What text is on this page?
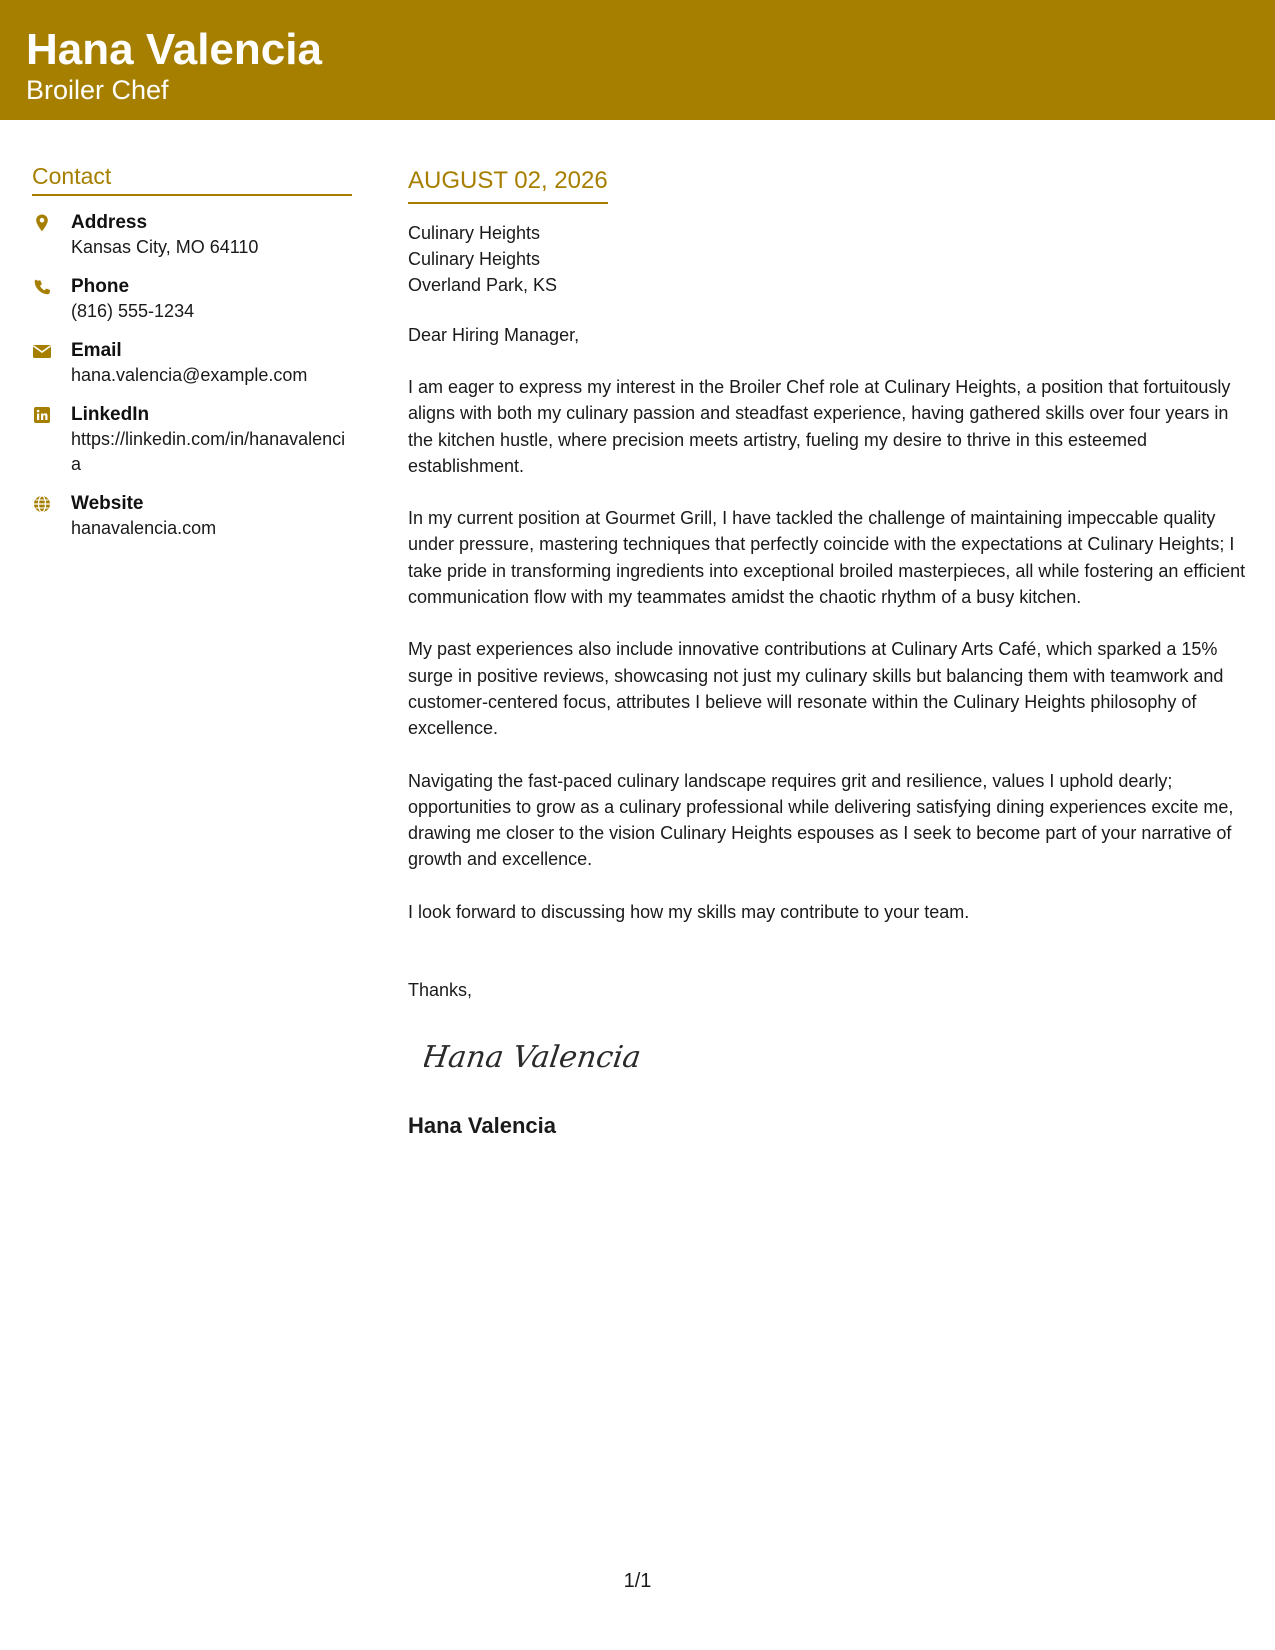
Hana Valencia
Broiler Chef
Contact
Address
Kansas City, MO 64110
Phone
(816) 555-1234
Email
hana.valencia@example.com
LinkedIn
https://linkedin.com/in/hanavalencia
Website
hanavalencia.com
AUGUST 02, 2026
Culinary Heights
Culinary Heights
Overland Park, KS
Dear Hiring Manager,
I am eager to express my interest in the Broiler Chef role at Culinary Heights, a position that fortuitously aligns with both my culinary passion and steadfast experience, having gathered skills over four years in the kitchen hustle, where precision meets artistry, fueling my desire to thrive in this esteemed establishment.
In my current position at Gourmet Grill, I have tackled the challenge of maintaining impeccable quality under pressure, mastering techniques that perfectly coincide with the expectations at Culinary Heights; I take pride in transforming ingredients into exceptional broiled masterpieces, all while fostering an efficient communication flow with my teammates amidst the chaotic rhythm of a busy kitchen.
My past experiences also include innovative contributions at Culinary Arts Café, which sparked a 15% surge in positive reviews, showcasing not just my culinary skills but balancing them with teamwork and customer-centered focus, attributes I believe will resonate within the Culinary Heights philosophy of excellence.
Navigating the fast-paced culinary landscape requires grit and resilience, values I uphold dearly; opportunities to grow as a culinary professional while delivering satisfying dining experiences excite me, drawing me closer to the vision Culinary Heights espouses as I seek to become part of your narrative of growth and excellence.
I look forward to discussing how my skills may contribute to your team.
Thanks,
Hana Valencia
Hana Valencia
1/1
